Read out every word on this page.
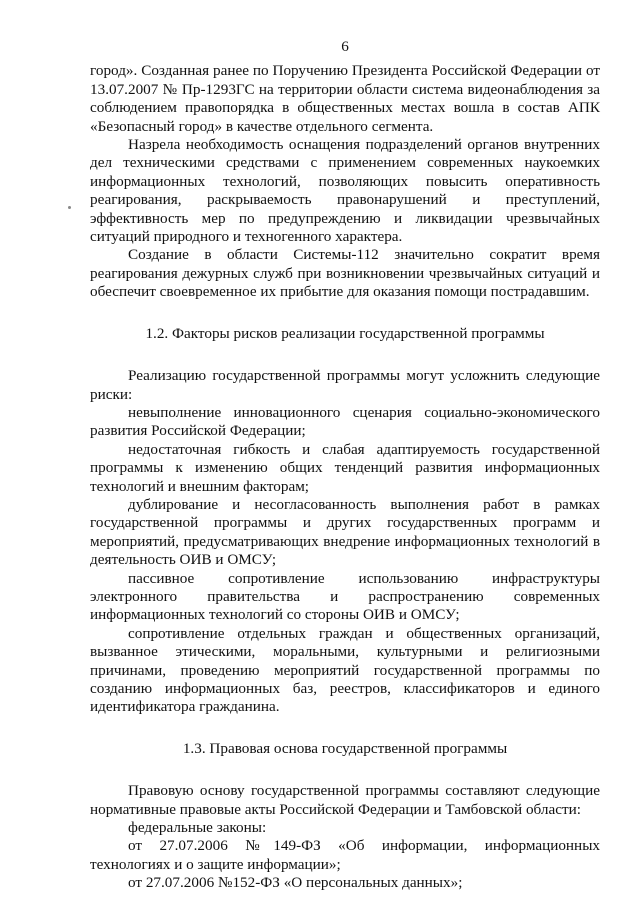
6

город». Созданная ранее по Поручению Президента Российской Федерации от 13.07.2007 № Пр-1293ГС на территории области система видеонаблюдения за соблюдением правопорядка в общественных местах вошла в состав АПК «Безопасный город» в качестве отдельного сегмента.

Назрела необходимость оснащения подразделений органов внутренних дел техническими средствами с применением современных наукоемких информационных технологий, позволяющих повысить оперативность реагирования, раскрываемость правонарушений и преступлений, эффективность мер по предупреждению и ликвидации чрезвычайных ситуаций природного и техногенного характера.

Создание в области Системы-112 значительно сократит время реагирования дежурных служб при возникновении чрезвычайных ситуаций и обеспечит своевременное их прибытие для оказания помощи пострадавшим.

1.2. Факторы рисков реализации государственной программы

Реализацию государственной программы могут усложнить следующие риски:

невыполнение инновационного сценария социально-экономического развития Российской Федерации;

недостаточная гибкость и слабая адаптируемость государственной программы к изменению общих тенденций развития информационных технологий и внешним факторам;

дублирование и несогласованность выполнения работ в рамках государственной программы и других государственных программ и мероприятий, предусматривающих внедрение информационных технологий в деятельность ОИВ и ОМСУ;

пассивное сопротивление использованию инфраструктуры электронного правительства и распространению современных информационных технологий со стороны ОИВ и ОМСУ;

сопротивление отдельных граждан и общественных организаций, вызванное этическими, моральными, культурными и религиозными причинами, проведению мероприятий государственной программы по созданию информационных баз, реестров, классификаторов и единого идентификатора гражданина.

1.3. Правовая основа государственной программы

Правовую основу государственной программы составляют следующие нормативные правовые акты Российской Федерации и Тамбовской области:

федеральные законы:

от 27.07.2006 №149-ФЗ «Об информации, информационных технологиях и о защите информации»;

от 27.07.2006 №152-ФЗ «О персональных данных»;
